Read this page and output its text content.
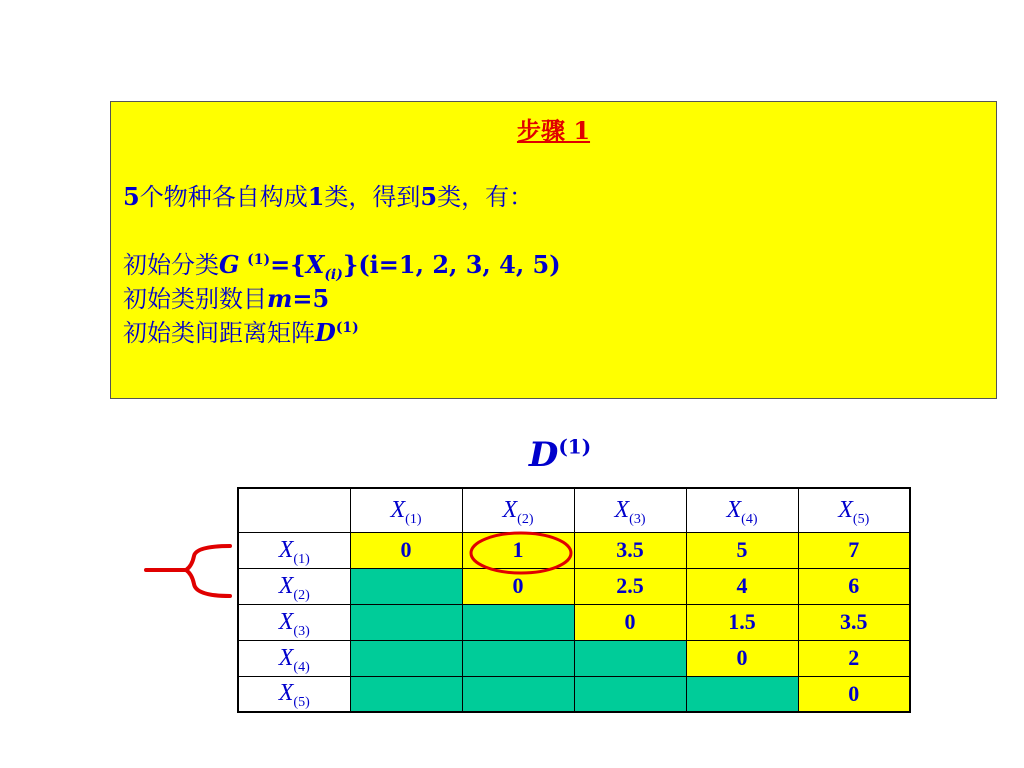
步骤 1
5个物种各自构成1类，得到5类，有：
初始分类G $^{(1)}=\{X_{(i)}\}(i=1$, 2, 3, 4, 5)
初始类别数目m=5
初始类间距离矩阵$D^{(1)}$
$D^{(1)}$
	$X_{(1)}$	$X_{(2)}$	$X_{(3)}$	$X_{(4)}$	$X_{(5)}$
$X_{(1)}$	0	1	3.5	5	7
$X_{(2)}$		0	2.5	4	6
$X_{(3)}$			0	1.5	3.5
$X_{(4)}$				0	2
$X_{(5)}$					0
